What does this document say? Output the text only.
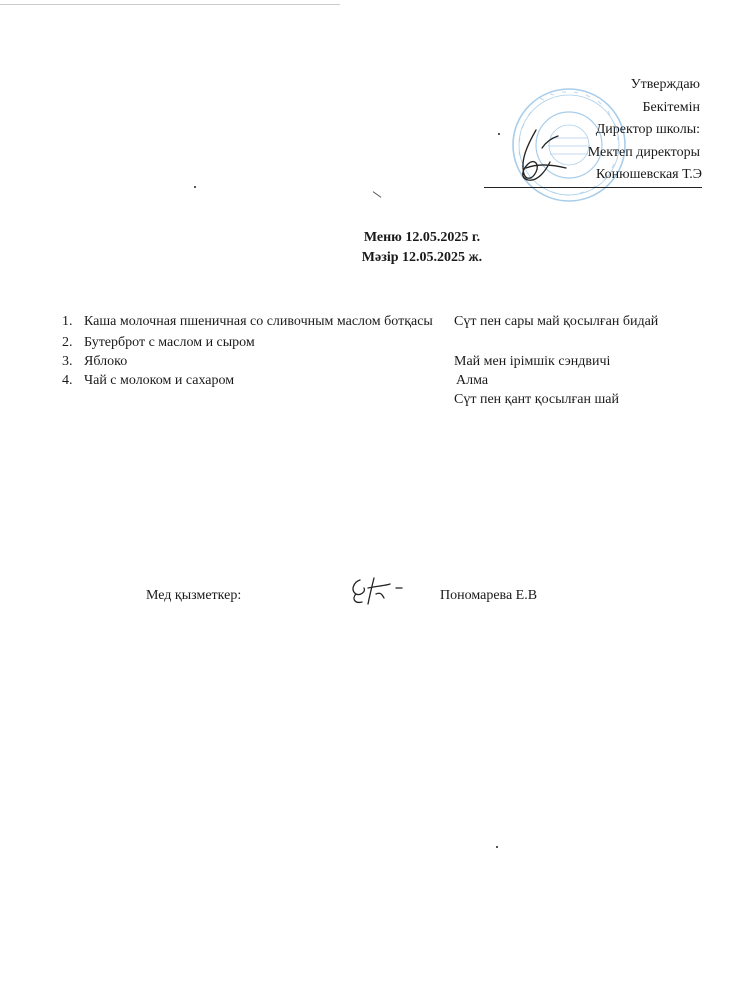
Утверждаю
Бекітемін
Директор школы:
Мектеп директоры
Конюшевская Т.Э
Меню 12.05.2025 г.
Мәзір 12.05.2025 ж.
1. Каша молочная пшеничная со сливочным маслом ботқасы
2. Бутерброт с маслом и сыром
3. Яблоко
4. Чай с молоком и сахаром
Сүт пен сары май қосылған бидай
Май мен ірімшік сэндвичі
Алма
Сүт пен қант қосылған шай
Мед қызметкер:	Пономарева Е.В
